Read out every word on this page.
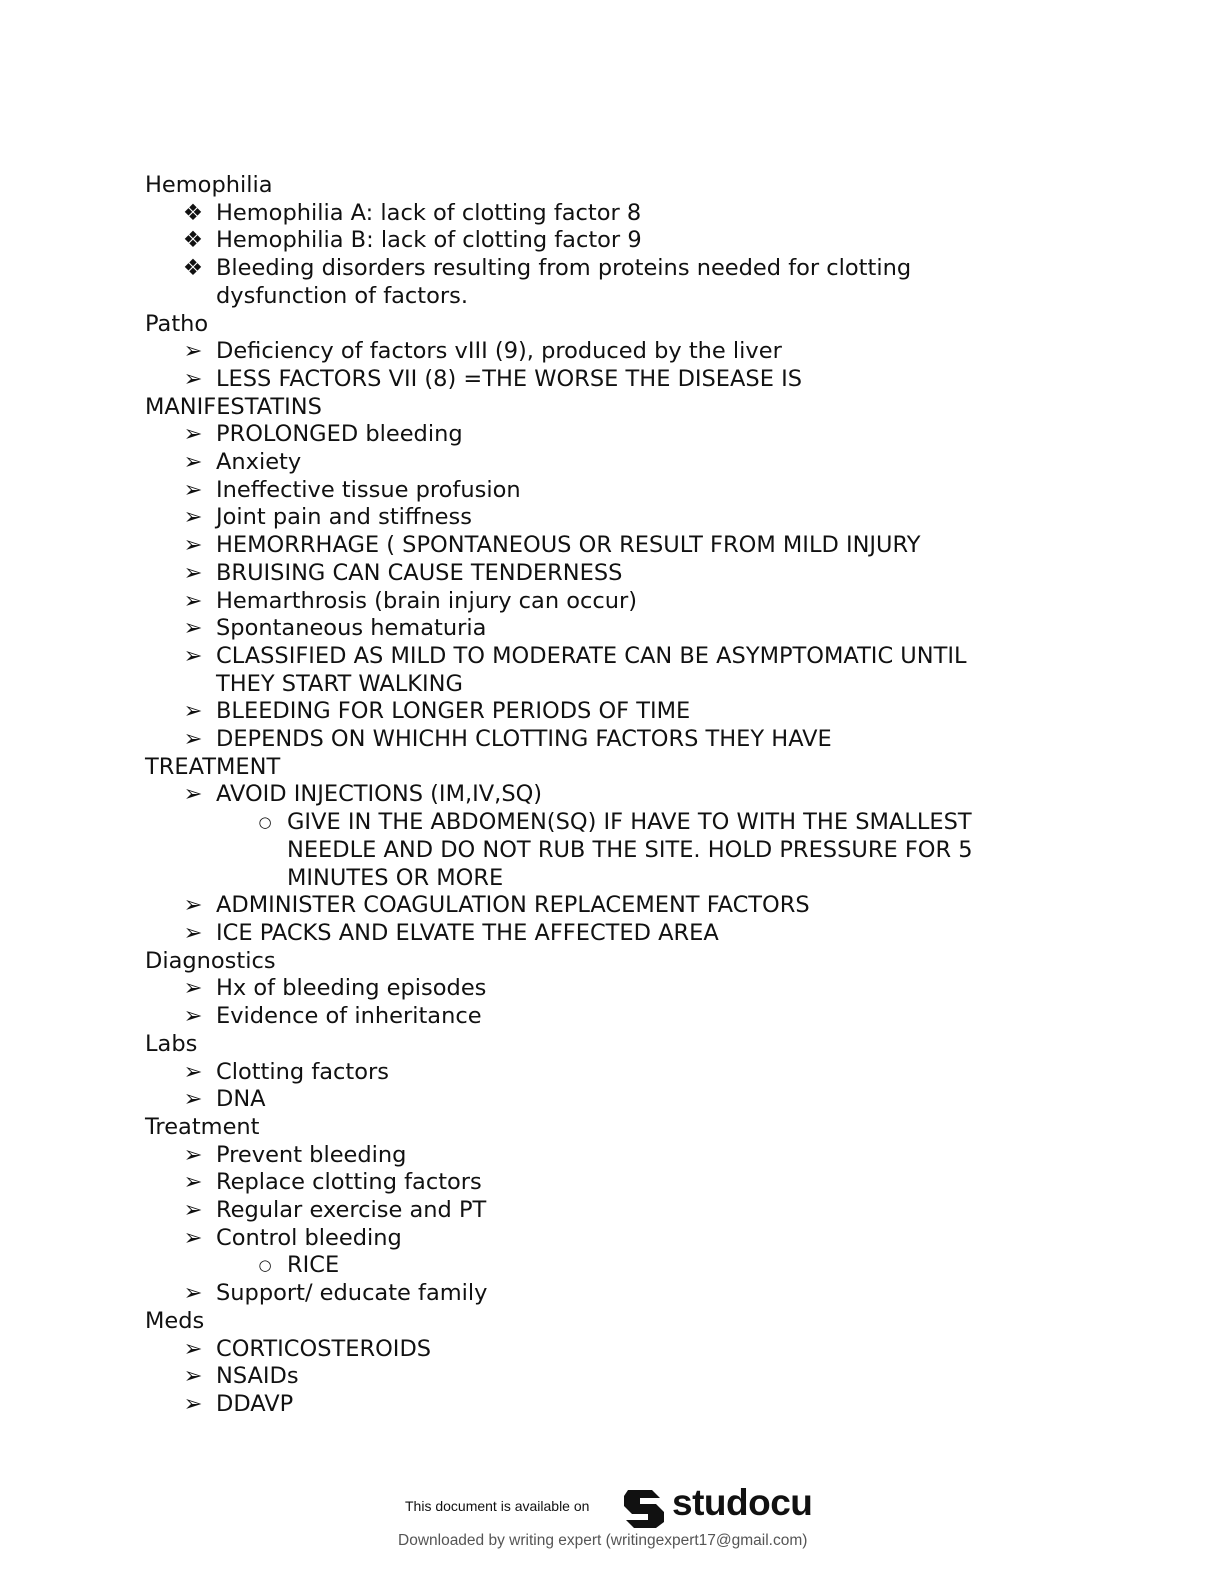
Hemophilia
❖ Hemophilia A: lack of clotting factor 8
❖ Hemophilia B: lack of clotting factor 9
❖ Bleeding disorders resulting from proteins needed for clotting dysfunction of factors.
Patho
➢ Deficiency of factors vIII (9), produced by the liver
➢ LESS FACTORS VII (8) =THE WORSE THE DISEASE IS
MANIFESTATINS
➢ PROLONGED bleeding
➢ Anxiety
➢ Ineffective tissue profusion
➢ Joint pain and stiffness
➢ HEMORRHAGE ( SPONTANEOUS OR RESULT FROM MILD INJURY
➢ BRUISING CAN CAUSE TENDERNESS
➢ Hemarthrosis (brain injury can occur)
➢ Spontaneous hematuria
➢ CLASSIFIED AS MILD TO MODERATE CAN BE ASYMPTOMATIC UNTIL THEY START WALKING
➢ BLEEDING FOR LONGER PERIODS OF TIME
➢ DEPENDS ON WHICHH CLOTTING FACTORS THEY HAVE
TREATMENT
➢ AVOID INJECTIONS (IM,IV,SQ)
○ GIVE IN THE ABDOMEN(SQ) IF HAVE TO WITH THE SMALLEST NEEDLE AND DO NOT RUB THE SITE. HOLD PRESSURE FOR 5 MINUTES OR MORE
➢ ADMINISTER COAGULATION REPLACEMENT FACTORS
➢ ICE PACKS AND ELVATE THE AFFECTED AREA
Diagnostics
➢ Hx of bleeding episodes
➢ Evidence of inheritance
Labs
➢ Clotting factors
➢ DNA
Treatment
➢ Prevent bleeding
➢ Replace clotting factors
➢ Regular exercise and PT
➢ Control bleeding
○ RICE
➢ Support/ educate family
Meds
➢ CORTICOSTEROIDS
➢ NSAIDs
➢ DDAVP
This document is available on studocu
Downloaded by writing expert (writingexpert17@gmail.com)
